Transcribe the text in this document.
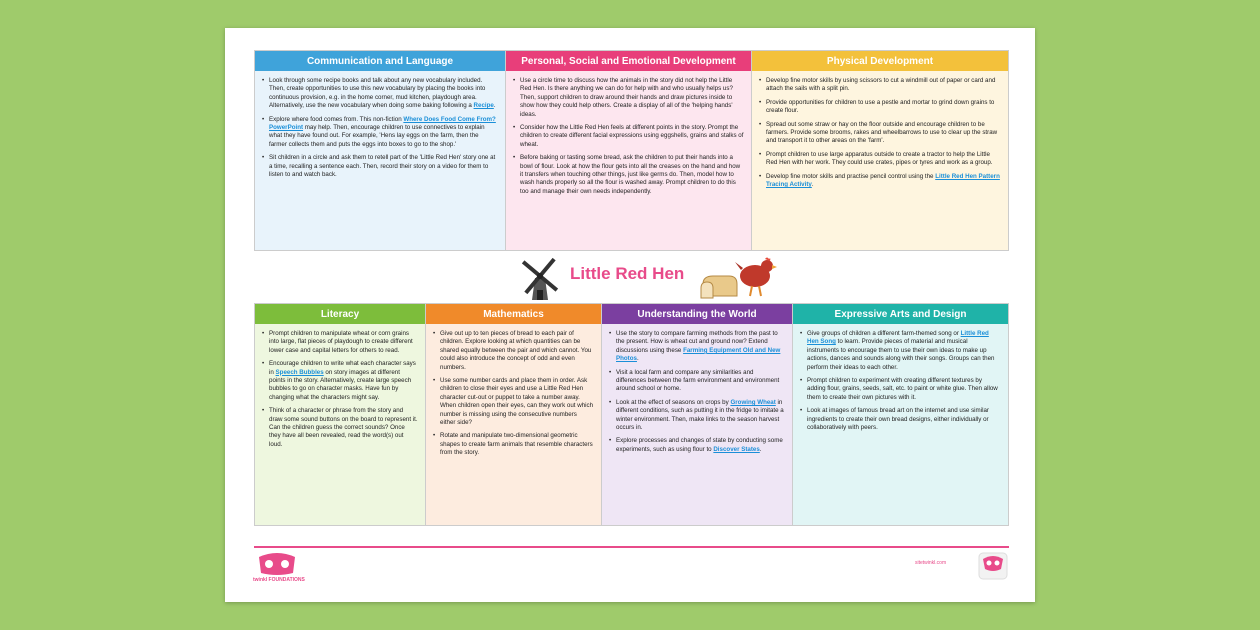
Communication and Language
• Look through some recipe books and talk about any new vocabulary included. Then, create opportunities to use this new vocabulary by placing the books into continuous provision, e.g. in the home corner, mud kitchen, playdough area. Alternatively, use the new vocabulary when doing some baking following a Recipe.
• Explore where food comes from. This non-fiction Where Does Food Come From? PowerPoint may help. Then, encourage children to use connectives to explain what they have found out. For example, 'Hens lay eggs on the farm, then the farmer collects them and puts the eggs into boxes to go to the shop.'
• Sit children in a circle and ask them to retell part of the 'Little Red Hen' story one at a time, recalling a sentence each. Then, record their story on a video for them to listen to and watch back.
Personal, Social and Emotional Development
• Use a circle time to discuss how the animals in the story did not help the Little Red Hen. Is there anything we can do for help with and who usually helps us? Then, support children to draw around their hands and draw pictures inside to show how they could help others. Create a display of all of the 'helping hands' ideas.
• Consider how the Little Red Hen feels at different points in the story. Prompt the children to create different facial expressions using eggshells, grains and stalks of wheat.
• Before baking or tasting some bread, ask the children to put their hands into a bowl of flour. Look at how the flour gets into all the creases on the hand and how it transfers when touching other things, just like germs do. Then, model how to wash hands properly so all the flour is washed away. Prompt children to do this too and manage their own needs independently.
Physical Development
• Develop fine motor skills by using scissors to cut a windmill out of paper or card and attach the sails with a split pin.
• Provide opportunities for children to use a pestle and mortar to grind down grains to create flour.
• Spread out some straw or hay on the floor outside and encourage children to be farmers. Provide some brooms, rakes and wheelbarrows to use to clear up the straw and transport it to other areas on the 'farm'.
• Prompt children to use large apparatus outside to create a tractor to help the Little Red Hen with her work. They could use crates, pipes or tyres and work as a group.
• Develop fine motor skills and practise pencil control using the Little Red Hen Pattern Tracing Activity.
Little Red Hen
Literacy
• Prompt children to manipulate wheat or corn grains into large, flat pieces of playdough to create different lower case and capital letters for others to read.
• Encourage children to write what each character says in Speech Bubbles on story images at different points in the story. Alternatively, create large speech bubbles to go on character masks. Have fun by changing what the characters might say.
• Think of a character or phrase from the story and draw some sound buttons on the board to represent it. Can the children guess the correct sounds? Once they have all been revealed, read the word(s) out loud.
Mathematics
• Give out up to ten pieces of bread to each pair of children. Explore looking at which quantities can be shared equally between the pair and which cannot. You could also introduce the concept of odd and even numbers.
• Use some number cards and place them in order. Ask children to close their eyes and use a Little Red Hen character cut-out or puppet to take a number away. When children open their eyes, can they work out which number is missing using the consecutive numbers either side?
• Rotate and manipulate two-dimensional geometric shapes to create farm animals that resemble characters from the story.
Understanding the World
• Use the story to compare farming methods from the past to the present. How is wheat cut and ground now? Extend discussions using these Farming Equipment Old and New Photos.
• Visit a local farm and compare any similarities and differences between the farm environment and environment around school or home.
• Look at the effect of seasons on crops by Growing Wheat in different conditions, such as putting it in the fridge to imitate a winter environment. Then, make links to the season harvest occurs in.
• Explore processes and changes of state by conducting some experiments, such as using flour to Discover States.
Expressive Arts and Design
• Give groups of children a different farm-themed song or Little Red Hen Song to learn. Provide pieces of material and musical instruments to encourage them to use their own ideas to make up actions, dances and sounds along with their songs. Groups can then perform their ideas to each other.
• Prompt children to experiment with creating different textures by adding flour, grains, seeds, salt, etc. to paint or white glue. Then allow them to create their own pictures with it.
• Look at images of famous bread art on the internet and use similar ingredients to create their own bread designs, either individually or collaboratively with peers.
twinkl FOUNDATIONS
sitetwinkl.com
